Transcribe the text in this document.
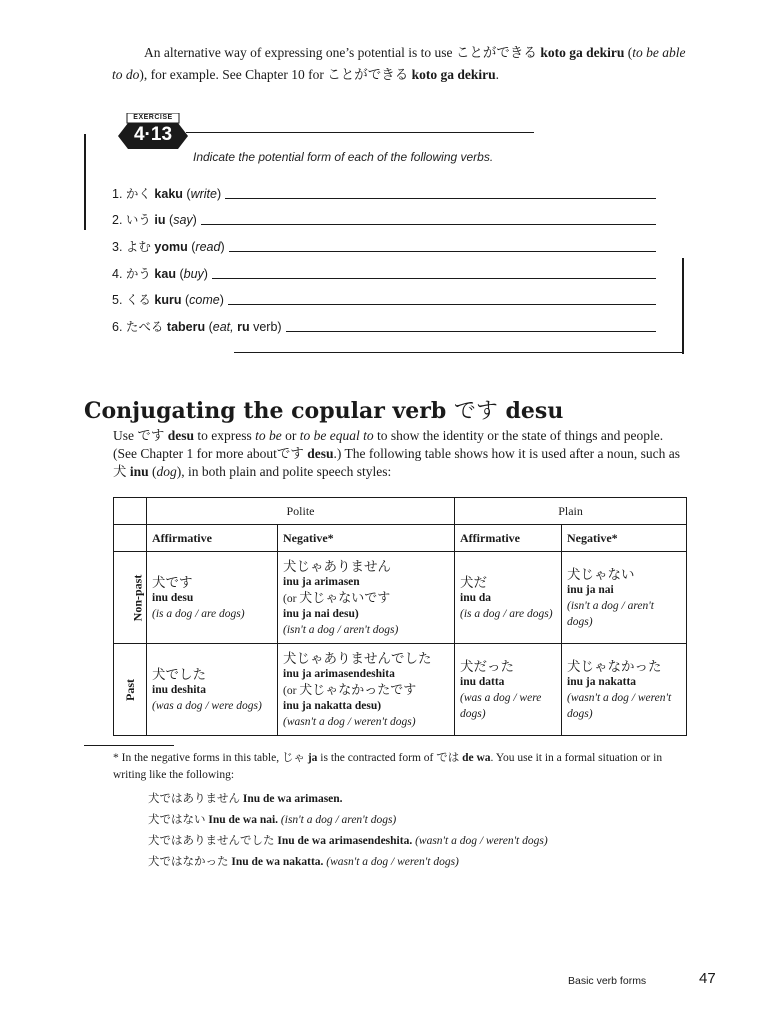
An alternative way of expressing one’s potential is to use ことができる koto ga dekiru (to be able to do), for example. See Chapter 10 for ことができる koto ga dekiru.
EXERCISE
4·13
Indicate the potential form of each of the following verbs.
1. かく kaku (write)
2. いう iu (say)
3. よむ yomu (read)
4. かう kau (buy)
5. くる kuru (come)
6. たべる taberu (eat, ru verb)
Conjugating the copular verb です desu
Use です desu to express to be or to be equal to to show the identity or the state of things and people. (See Chapter 1 for more aboutです desu.) The following table shows how it is used after a noun, such as 犬 inu (dog), in both plain and polite speech styles:
	Polite		Plain	
	Affirmative	Negative*	Affirmative	Negative*
Non-past	犬です
inu desu
(is a dog / are dogs)	犬じゃありません
inu ja arimasen
(or 犬じゃないです
inu ja nai desu)
(isn't a dog / aren't dogs)	犬だ
inu da
(is a dog / are dogs)	犬じゃない
inu ja nai
(isn't a dog / aren't dogs)

Past	犬でした
inu deshita
(was a dog / were dogs)	犬じゃありませんでした
inu ja arimasendeshita
(or 犬じゃなかったです
inu ja nakatta desu)
(wasn't a dog / weren't dogs)	犬だった
inu datta
(was a dog / were dogs)	犬じゃなかった
inu ja nakatta
(wasn't a dog / weren't dogs)
* In the negative forms in this table, じゃ ja is the contracted form of では de wa. You use it in a formal situation or in writing like the following:
犬ではありません Inu de wa arimasen.
犬ではない Inu de wa nai. (isn't a dog / aren't dogs)
犬ではありませんでした Inu de wa arimasendeshita. (wasn't a dog / weren't dogs)
犬ではなかった Inu de wa nakatta. (wasn't a dog / weren't dogs)
Basic verb forms	47
